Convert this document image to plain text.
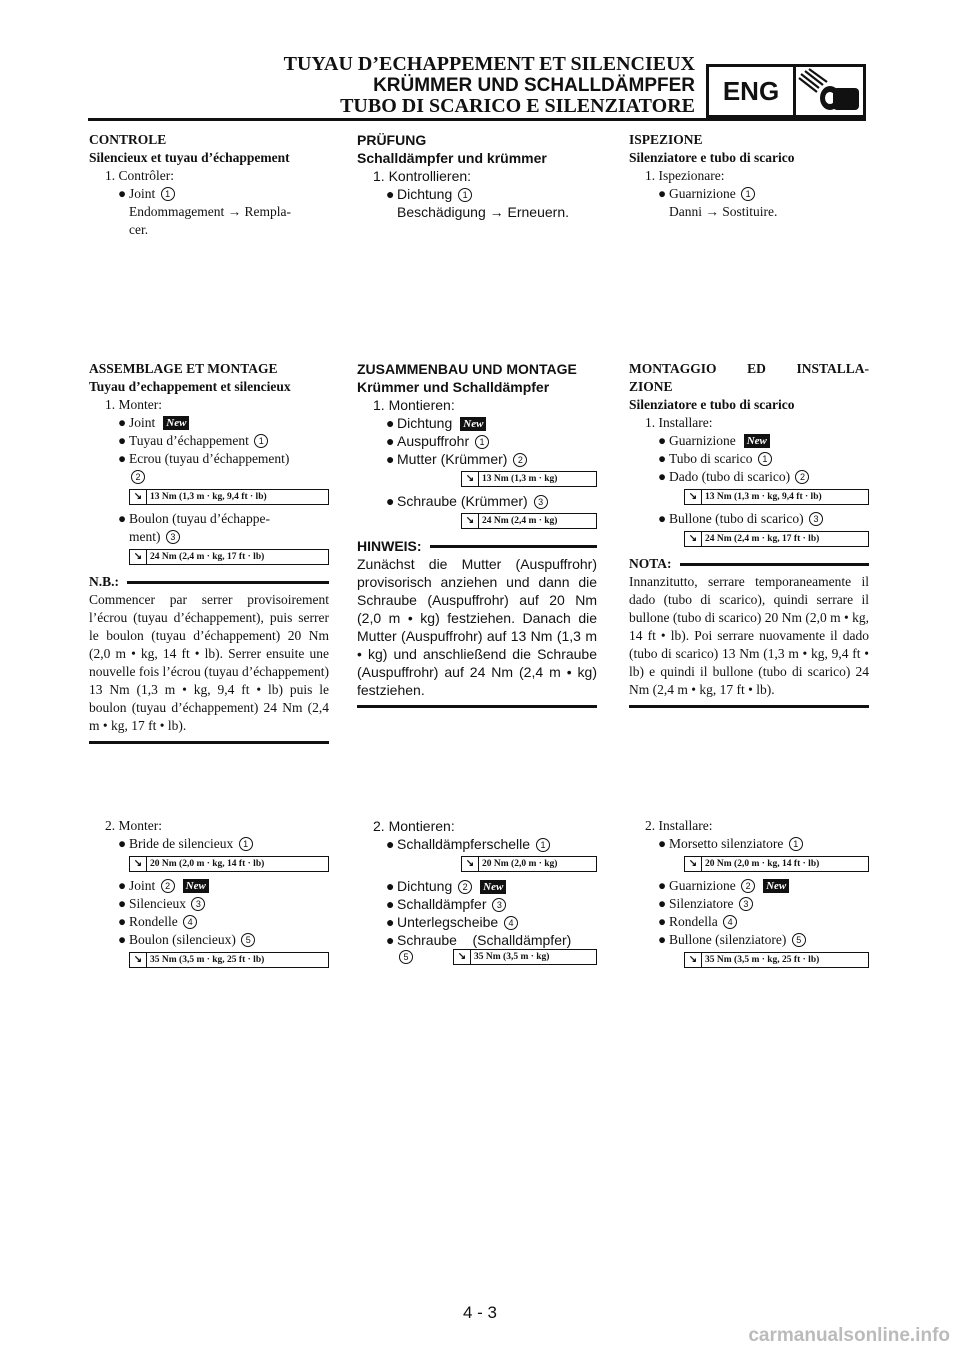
TUYAU D’ECHAPPEMENT ET SILENCIEUX
KRÜMMER UND SCHALLDÄMPFER
TUBO DI SCARICO E SILENZIATORE
ENG
CONTROLE
Silencieux et tuyau d’échappement
1. Contrôler:
● Joint 1
Endommagement → Rempla-
cer.
ASSEMBLAGE ET MONTAGE
Tuyau d’echappement et silencieux
1. Monter:
● Joint New
● Tuyau d’échappement 1
● Ecrou (tuyau d’échappement)
2
↘ 13 Nm (1,3 m · kg, 9,4 ft · lb)
● Boulon (tuyau d’échappe-
ment) 3
↘ 24 Nm (2,4 m · kg, 17 ft · lb)
N.B.:
Commencer par serrer provisoirement l’écrou (tuyau d’échappement), puis serrer le boulon (tuyau d’échappement) 20 Nm (2,0 m • kg, 14 ft • lb). Serrer ensuite une nouvelle fois l’écrou (tuyau d’échappement) 13 Nm (1,3 m • kg, 9,4 ft • lb) puis le boulon (tuyau d’échappement) 24 Nm (2,4 m • kg, 17 ft • lb).
2. Monter:
● Bride de silencieux 1
↘ 20 Nm (2,0 m · kg, 14 ft · lb)
● Joint 2 New
● Silencieux 3
● Rondelle 4
● Boulon (silencieux) 5
↘ 35 Nm (3,5 m · kg, 25 ft · lb)
PRÜFUNG
Schalldämpfer und krümmer
1. Kontrollieren:
● Dichtung 1
Beschädigung → Erneuern.
ZUSAMMENBAU UND MONTAGE
Krümmer und Schalldämpfer
1. Montieren:
● Dichtung New
● Auspuffrohr 1
● Mutter (Krümmer) 2
↘ 13 Nm (1,3 m · kg)
● Schraube (Krümmer) 3
↘ 24 Nm (2,4 m · kg)
HINWEIS:
Zunächst die Mutter (Auspuffrohr) provisorisch anziehen und dann die Schraube (Auspuffrohr) auf 20 Nm (2,0 m • kg) festziehen. Danach die Mutter (Auspuffrohr) auf 13 Nm (1,3 m • kg) und anschließend die Schraube (Auspuffrohr) auf 24 Nm (2,4 m • kg) festziehen.
2. Montieren:
● Schalldämpferschelle 1
↘ 20 Nm (2,0 m · kg)
● Dichtung 2 New
● Schalldämpfer 3
● Unterlegscheibe 4
● Schraube    (Schalldämpfer)
5	↘ 35 Nm (3,5 m · kg)
ISPEZIONE
Silenziatore e tubo di scarico
1. Ispezionare:
● Guarnizione 1
Danni → Sostituire.
MONTAGGIO ED INSTALLA-
ZIONE
Silenziatore e tubo di scarico
1. Installare:
● Guarnizione New
● Tubo di scarico 1
● Dado (tubo di scarico) 2
↘ 13 Nm (1,3 m · kg, 9,4 ft · lb)
● Bullone (tubo di scarico) 3
↘ 24 Nm (2,4 m · kg, 17 ft · lb)
NOTA:
Innanzitutto, serrare temporaneamente il dado (tubo di scarico), quindi serrare il bullone (tubo di scarico) 20 Nm (2,0 m • kg, 14 ft • lb). Poi serrare nuovamente il dado (tubo di scarico) 13 Nm (1,3 m • kg, 9,4 ft • lb) e quindi il bullone (tubo di scarico) 24 Nm (2,4 m • kg, 17 ft • lb).
2. Installare:
● Morsetto silenziatore 1
↘ 20 Nm (2,0 m · kg, 14 ft · lb)
● Guarnizione 2 New
● Silenziatore 3
● Rondella 4
● Bullone (silenziatore) 5
↘ 35 Nm (3,5 m · kg, 25 ft · lb)
4 - 3
carmanualsonline.info
